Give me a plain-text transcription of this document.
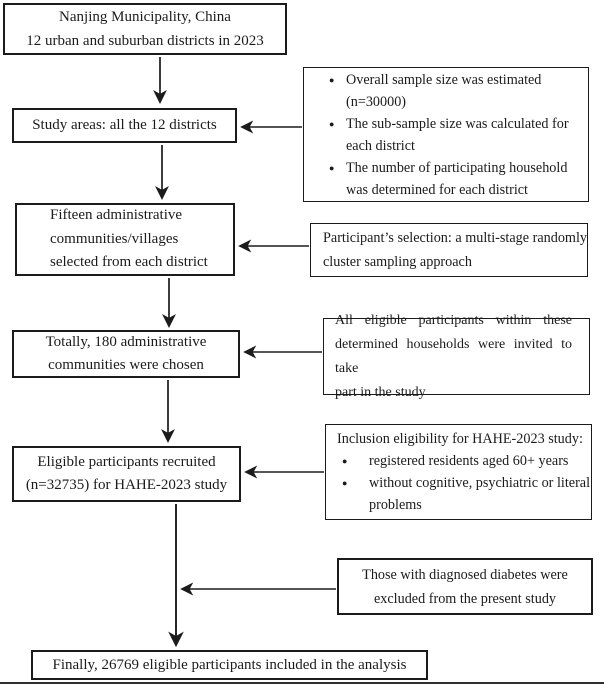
Nanjing Municipality, China
12 urban and suburban districts in 2023
Study areas: all the 12 districts
Fifteen administrative
communities/villages
selected from each district
Totally, 180 administrative
communities were chosen
Eligible participants recruited
(n=32735) for HAHE-2023 study
Finally, 26769 eligible participants included in the analysis
● Overall sample size was estimated
(n=30000)
● The sub-sample size was calculated for
each district
● The number of participating household
was determined for each district
Participant’s selection: a multi-stage randomly
cluster sampling approach
All eligible participants within these
determined households were invited to take
part in the study
Inclusion eligibility for HAHE-2023 study:
●	registered residents aged 60+ years
●	without cognitive, psychiatric or literal
problems
Those with diagnosed diabetes were
excluded from the present study
